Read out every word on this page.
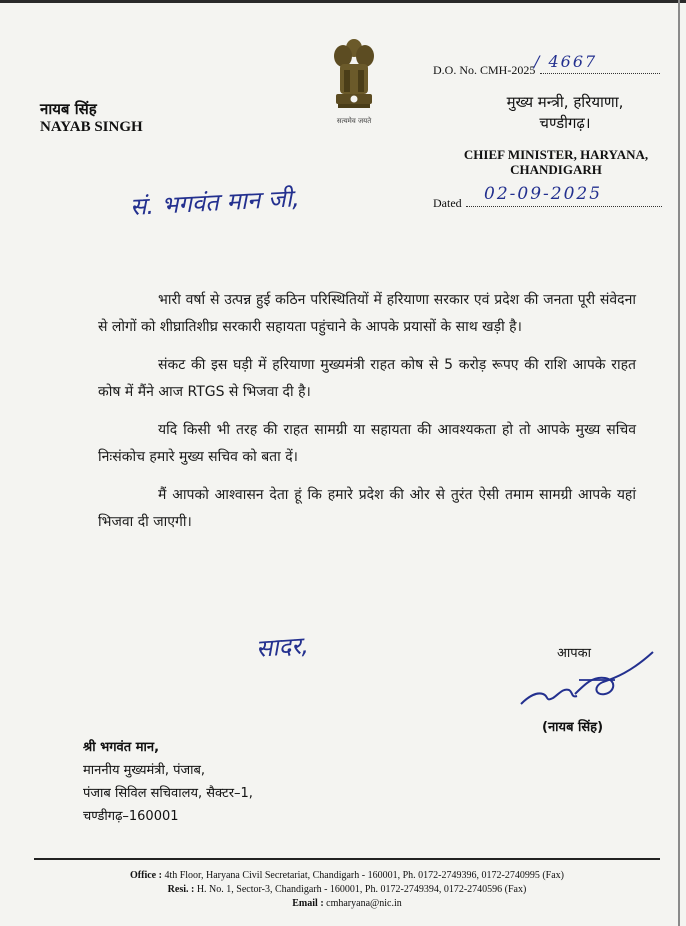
सत्यमेव जयते
नायब सिंह
NAYAB SINGH
D.O. No. CMH-2025
/ 4667
मुख्य मन्त्री, हरियाणा,
चण्डीगढ़।
CHIEF MINISTER, HARYANA,
CHANDIGARH
Dated 02-09-2025
सं. भगवंत मान जी,

भारी वर्षा से उत्पन्न हुई कठिन परिस्थितियों में हरियाणा सरकार एवं प्रदेश की जनता पूरी संवेदना से लोगों को शीघ्रातिशीघ्र सरकारी सहायता पहुंचाने के आपके प्रयासों के साथ खड़ी है।

संकट की इस घड़ी में हरियाणा मुख्यमंत्री राहत कोष से 5 करोड़ रूपए की राशि आपके राहत कोष में मैंने आज RTGS से भिजवा दी है।

यदि किसी भी तरह की राहत सामग्री या सहायता की आवश्यकता हो तो आपके मुख्य सचिव निःसंकोच हमारे मुख्य सचिव को बता दें।

मैं आपको आश्वासन देता हूं कि हमारे प्रदेश की ओर से तुरंत ऐसी तमाम सामग्री आपके यहां भिजवा दी जाएगी।

सादर,	आपका
(नायब सिंह)
श्री भगवंत मान,
माननीय मुख्यमंत्री, पंजाब,
पंजाब सिविल सचिवालय, सैक्टर–1,
चण्डीगढ़–160001
Office : 4th Floor, Haryana Civil Secretariat, Chandigarh - 160001, Ph. 0172-2749396, 0172-2740995 (Fax)
Resi. : H. No. 1, Sector-3, Chandigarh - 160001, Ph. 0172-2749394, 0172-2740596 (Fax)
Email : cmharyana@nic.in
